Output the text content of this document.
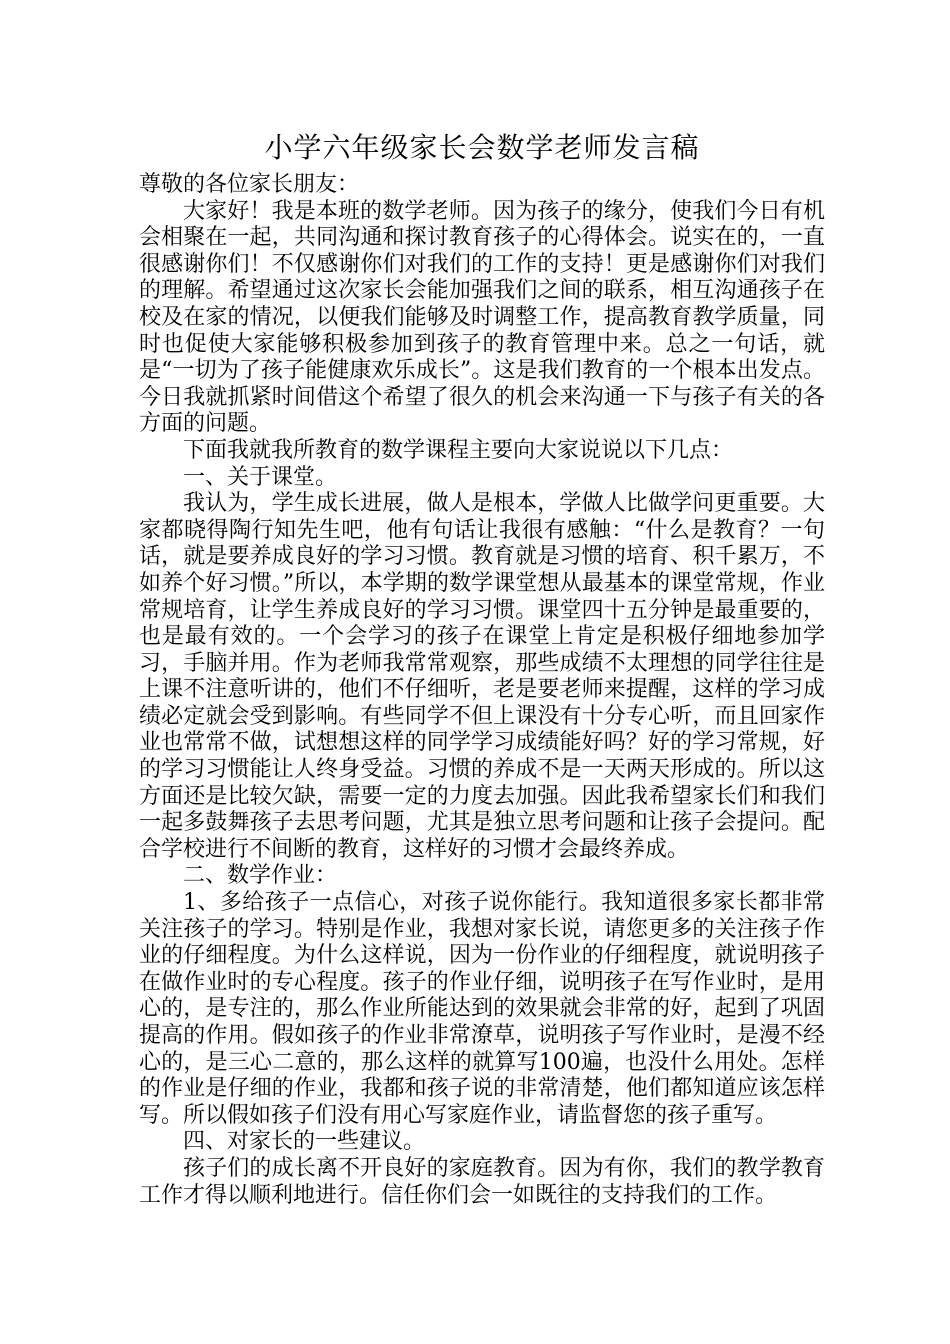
小学六年级家长会数学老师发言稿

尊敬的各位家长朋友：

大家好！我是本班的数学老师。因为孩子的缘分，使我们今日有机会相聚在一起，共同沟通和探讨教育孩子的心得体会。说实在的，一直很感谢你们！不仅感谢你们对我们的工作的支持！更是感谢你们对我们的理解。希望通过这次家长会能加强我们之间的联系，相互沟通孩子在校及在家的情况，以便我们能够及时调整工作，提高教育教学质量，同时也促使大家能够积极参加到孩子的教育管理中来。总之一句话，就是“一切为了孩子能健康欢乐成长”。这是我们教育的一个根本出发点。今日我就抓紧时间借这个希望了很久的机会来沟通一下与孩子有关的各方面的问题。

下面我就我所教育的数学课程主要向大家说说以下几点：

一、关于课堂。

我认为，学生成长进展，做人是根本，学做人比做学问更重要。大家都晓得陶行知先生吧，他有句话让我很有感触：“什么是教育？一句话，就是要养成良好的学习习惯。教育就是习惯的培育、积千累万，不如养个好习惯。”所以，本学期的数学课堂想从最基本的课堂常规，作业常规培育，让学生养成良好的学习习惯。课堂四十五分钟是最重要的，也是最有效的。一个会学习的孩子在课堂上肯定是积极仔细地参加学习，手脑并用。作为老师我常常观察，那些成绩不太理想的同学往往是上课不注意听讲的，他们不仔细听，老是要老师来提醒，这样的学习成绩必定就会受到影响。有些同学不但上课没有十分专心听，而且回家作业也常常不做，试想想这样的同学学习成绩能好吗？好的学习常规，好的学习习惯能让人终身受益。习惯的养成不是一天两天形成的。所以这方面还是比较欠缺，需要一定的力度去加强。因此我希望家长们和我们一起多鼓舞孩子去思考问题，尤其是独立思考问题和让孩子会提问。配合学校进行不间断的教育，这样好的习惯才会最终养成。

二、数学作业：

1、多给孩子一点信心，对孩子说你能行。我知道很多家长都非常关注孩子的学习。特别是作业，我想对家长说，请您更多的关注孩子作业的仔细程度。为什么这样说，因为一份作业的仔细程度，就说明孩子在做作业时的专心程度。孩子的作业仔细，说明孩子在写作业时，是用心的，是专注的，那么作业所能达到的效果就会非常的好，起到了巩固提高的作用。假如孩子的作业非常潦草，说明孩子写作业时，是漫不经心的，是三心二意的，那么这样的就算写100遍，也没什么用处。怎样的作业是仔细的作业，我都和孩子说的非常清楚，他们都知道应该怎样写。所以假如孩子们没有用心写家庭作业，请监督您的孩子重写。

四、对家长的一些建议。

孩子们的成长离不开良好的家庭教育。因为有你，我们的教学教育工作才得以顺利地进行。信任你们会一如既往的支持我们的工作。
